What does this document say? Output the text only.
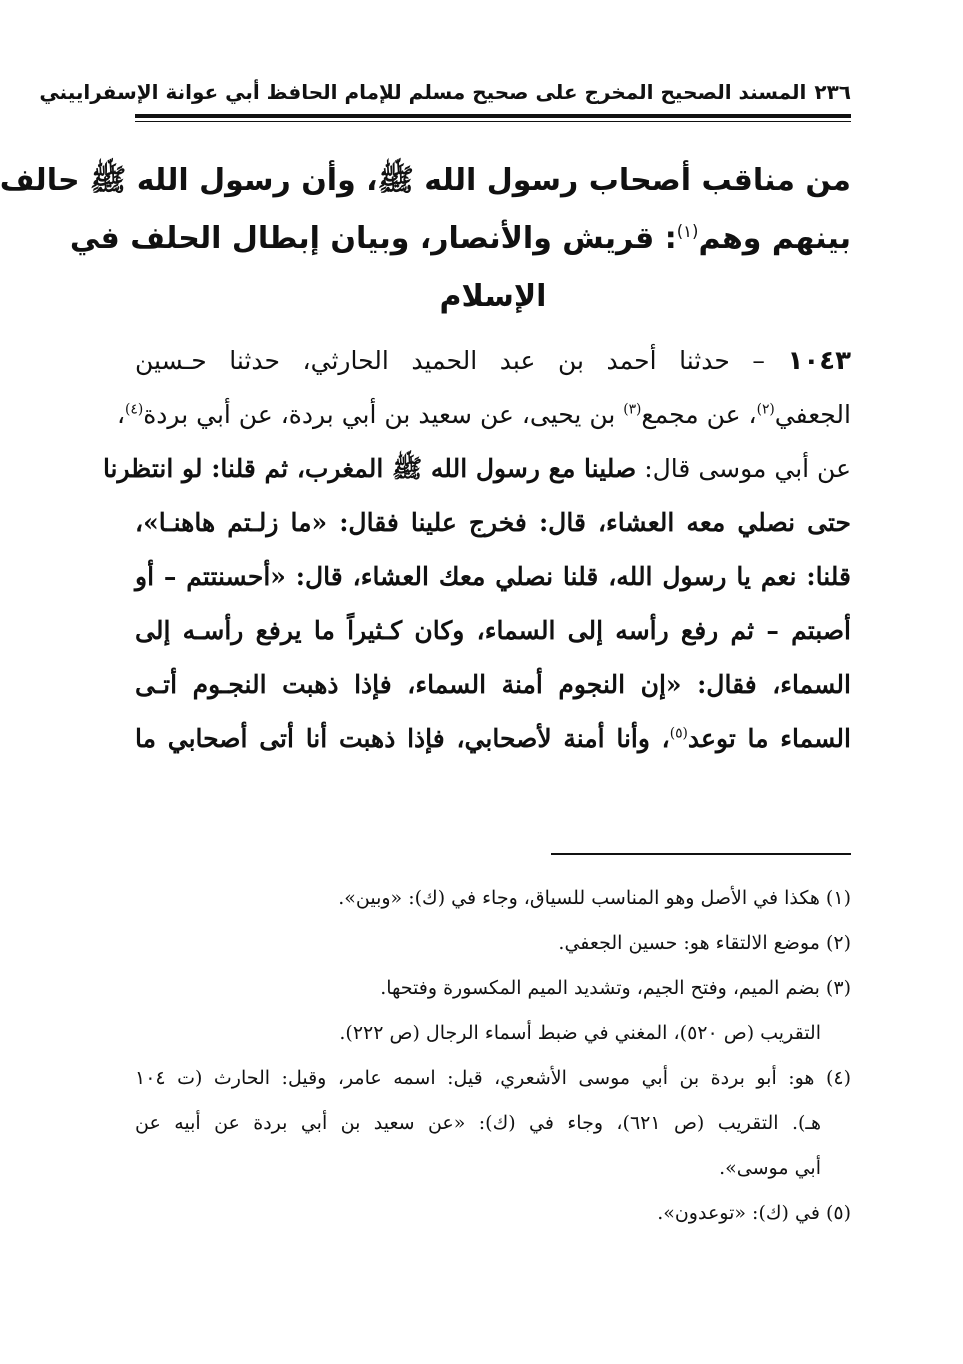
٢٣٦
المسند الصحيح المخرج على صحيح مسلم للإمام الحافظ أبي عوانة الإسفراييني
من مناقب أصحاب رسول الله ﷺ، وأن رسول الله ﷺ حالف
بينهم وهم$^{(١)}$: قريش والأنصار، وبيان إبطال الحلف في
الإسلام
١٠٤٣ – حدثنا أحمد بن عبد الحميد الحارثي، حدثنا حـسين
الجعفي$^{(٢)}$، عن مجمع$^{(٣)}$ بن يحيى، عن سعيد بن أبي بردة، عن أبي بردة$^{(٤)}$،
عن أبي موسى قال: صلينا مع رسول الله ﷺ المغرب، ثم قلنا: لو انتظرنا
حتى نصلي معه العشاء، قال: فخرج علينا فقال: «ما زلـتم هاهنـا»،
قلنا: نعم يا رسول الله، قلنا نصلي معك العشاء، قال: «أحسنتتم – أو
أصبتم – ثم رفع رأسه إلى السماء، وكان كـثيراً ما يرفع رأسـه إلى
السماء، فقال: «إن النجوم أمنة السماء، فإذا ذهبت النجـوم أتـى
السماء ما توعد$^{(٥)}$، وأنا أمنة لأصحابي، فإذا ذهبت أنا أتى أصحابي ما
(١) هكذا في الأصل وهو المناسب للسياق، وجاء في (ك): «وبين».
(٢) موضع الالتقاء هو: حسين الجعفي.
(٣) بضم الميم، وفتح الجيم، وتشديد الميم المكسورة وفتحها.
التقريب (ص ٥٢٠)، المغني في ضبط أسماء الرجال (ص ٢٢٢).
(٤) هو: أبو بردة بن أبي موسى الأشعري، قيل: اسمه عامر، وقيل: الحارث (ت ١٠٤
هـ). التقريب (ص ٦٢١)، وجاء في (ك): «عن سعيد بن أبي بردة عن أبيه عن
أبي موسى».
(٥) في (ك): «توعدون».
